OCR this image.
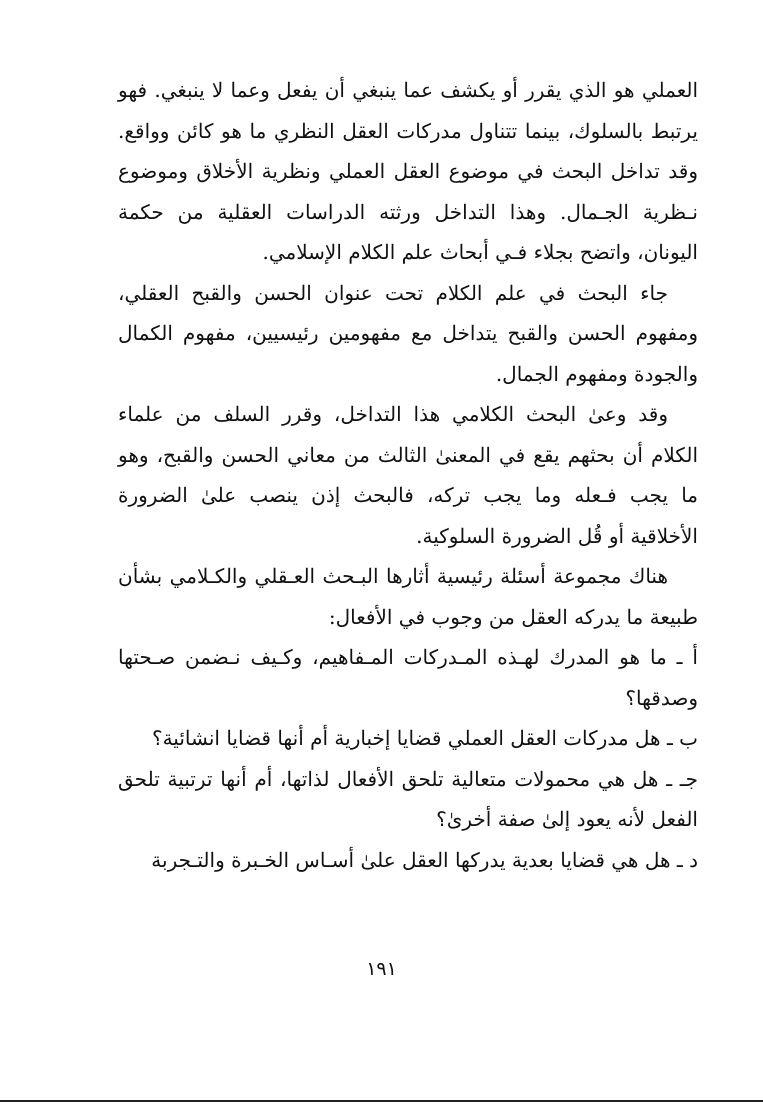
العملي هو الذي يقرر أو يكشف عما ينبغي أن يفعل وعما لا ينبغي. فهو يرتبط بالسلوك، بينما تتناول مدركات العقل النظري ما هو كائن وواقع. وقد تداخل البحث في موضوع العقل العملي ونظرية الأخلاق وموضوع نـظرية الجـمال. وهذا التداخل ورثته الدراسات العقلية من حكمة اليونان، واتضح بجلاء فـي أبحاث علم الكلام الإسلامي.

جاء البحث في علم الكلام تحت عنوان الحسن والقبح العقلي، ومفهوم الحسن والقبح يتداخل مع مفهومين رئيسيين، مفهوم الكمال والجودة ومفهوم الجمال.

وقد وعىٰ البحث الكلامي هذا التداخل، وقرر السلف من علماء الكلام أن بحثهم يقع في المعنىٰ الثالث من معاني الحسن والقبح، وهو ما يجب فـعله وما يجب تركه، فالبحث إذن ينصب علىٰ الضرورة الأخلاقية أو قُل الضرورة السلوكية.

هناك مجموعة أسئلة رئيسية أثارها البـحث العـقلي والكـلامي بشأن طبيعة ما يدركه العقل من وجوب في الأفعال:

أ ـ ما هو المدرك لهـذه المـدركات المـفاهيم، وكـيف نـضمن صـحتها وصدقها؟

ب ـ هل مدركات العقل العملي قضايا إخبارية أم أنها قضايا انشائية؟

جـ ـ هل هي محمولات متعالية تلحق الأفعال لذاتها، أم أنها ترتبية تلحق الفعل لأنه يعود إلىٰ صفة أخرىٰ؟

د ـ هل هي قضايا بعدية يدركها العقل علىٰ أسـاس الخـبرة والتـجربة

١٩١
